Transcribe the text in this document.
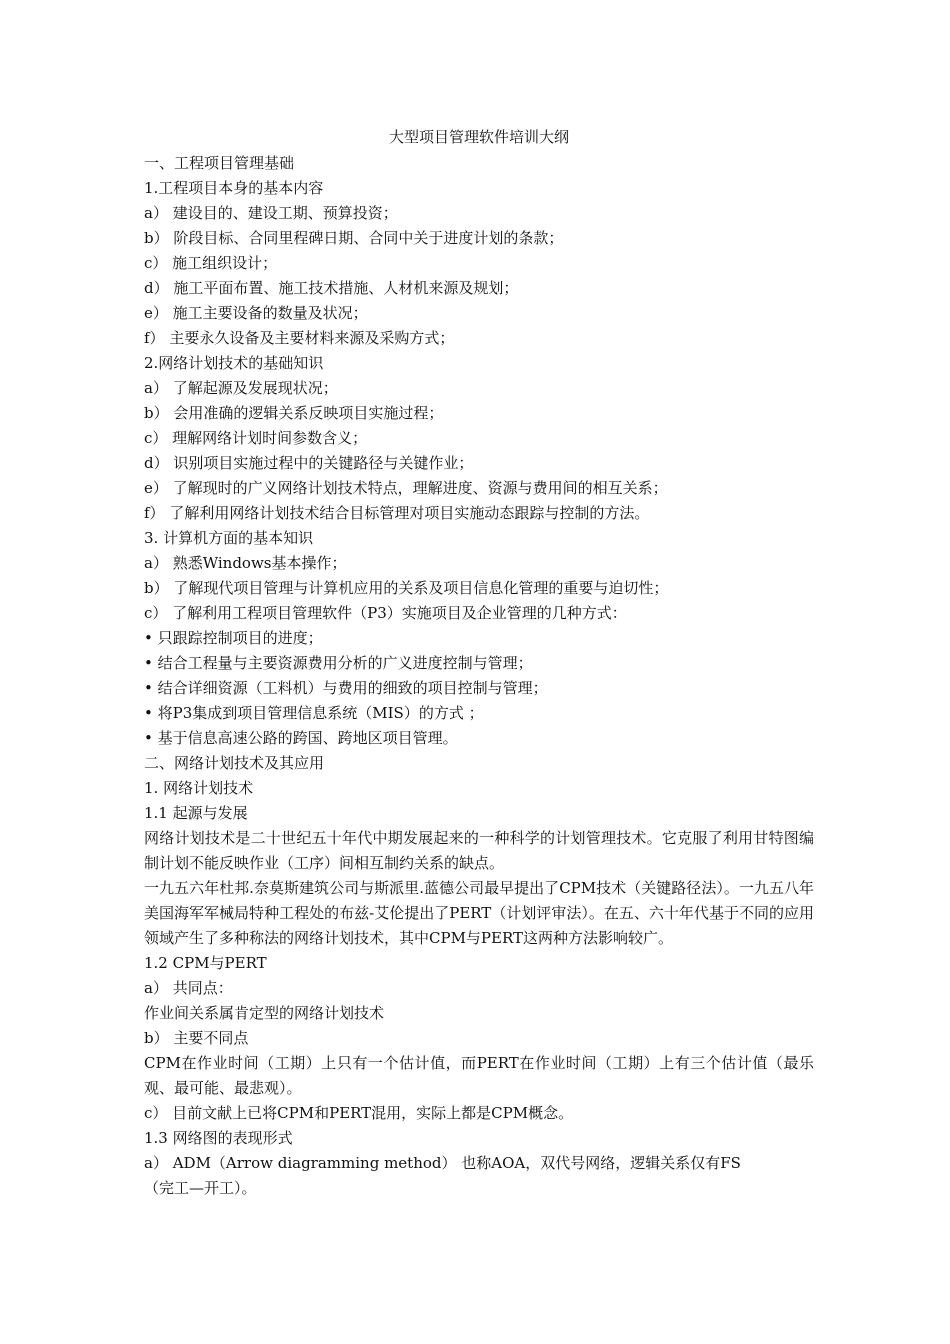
大型项目管理软件培训大纲

一、工程项目管理基础

1.工程项目本身的基本内容

a） 建设目的、建设工期、预算投资；

b） 阶段目标、合同里程碑日期、合同中关于进度计划的条款；

c） 施工组织设计；

d） 施工平面布置、施工技术措施、人材机来源及规划；

e） 施工主要设备的数量及状况；

f） 主要永久设备及主要材料来源及采购方式；

2.网络计划技术的基础知识

a） 了解起源及发展现状况；

b） 会用准确的逻辑关系反映项目实施过程；

c） 理解网络计划时间参数含义；

d） 识别项目实施过程中的关键路径与关键作业；

e） 了解现时的广义网络计划技术特点，理解进度、资源与费用间的相互关系；

f） 了解利用网络计划技术结合目标管理对项目实施动态跟踪与控制的方法。

3. 计算机方面的基本知识

a） 熟悉Windows基本操作；

b） 了解现代项目管理与计算机应用的关系及项目信息化管理的重要与迫切性；

c） 了解利用工程项目管理软件（P3）实施项目及企业管理的几种方式：

• 只跟踪控制项目的进度；

• 结合工程量与主要资源费用分析的广义进度控制与管理；

• 结合详细资源（工料机）与费用的细致的项目控制与管理；

• 将P3集成到项目管理信息系统（MIS）的方式 ；

• 基于信息高速公路的跨国、跨地区项目管理。

二、网络计划技术及其应用

1. 网络计划技术

1.1 起源与发展

网络计划技术是二十世纪五十年代中期发展起来的一种科学的计划管理技术。它克服了利用甘特图编制计划不能反映作业（工序）间相互制约关系的缺点。

一九五六年杜邦.奈莫斯建筑公司与斯派里.蓝德公司最早提出了CPM技术（关键路径法）。一九五八年美国海军军械局特种工程处的布兹-艾伦提出了PERT（计划评审法）。在五、六十年代基于不同的应用领域产生了多种称法的网络计划技术，其中CPM与PERT这两种方法影响较广。

1.2 CPM与PERT

a） 共同点：

作业间关系属肯定型的网络计划技术

b） 主要不同点

CPM在作业时间（工期）上只有一个估计值，而PERT在作业时间（工期）上有三个估计值（最乐观、最可能、最悲观）。

c） 目前文献上已将CPM和PERT混用，实际上都是CPM概念。

1.3 网络图的表现形式

a） ADM（Arrow diagramming method） 也称AOA，双代号网络，逻辑关系仅有FS

（完工—开工）。
